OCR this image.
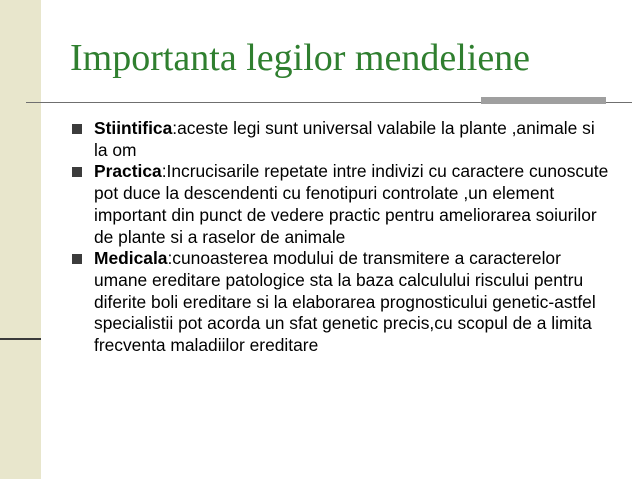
Importanta legilor mendeliene
Stiintifica:aceste legi sunt universal valabile la plante ,animale si la om
Practica:Incrucisarile repetate intre indivizi cu caractere cunoscute pot duce la descendenti cu fenotipuri controlate ,un element important din punct de vedere practic pentru ameliorarea soiurilor de plante si a raselor de animale
Medicala:cunoasterea modului de transmitere a caracterelor umane ereditare patologice sta la baza calculului riscului pentru diferite boli ereditare si la elaborarea prognosticului genetic-astfel specialistii pot acorda un sfat genetic precis,cu scopul de a limita frecventa maladiilor ereditare
